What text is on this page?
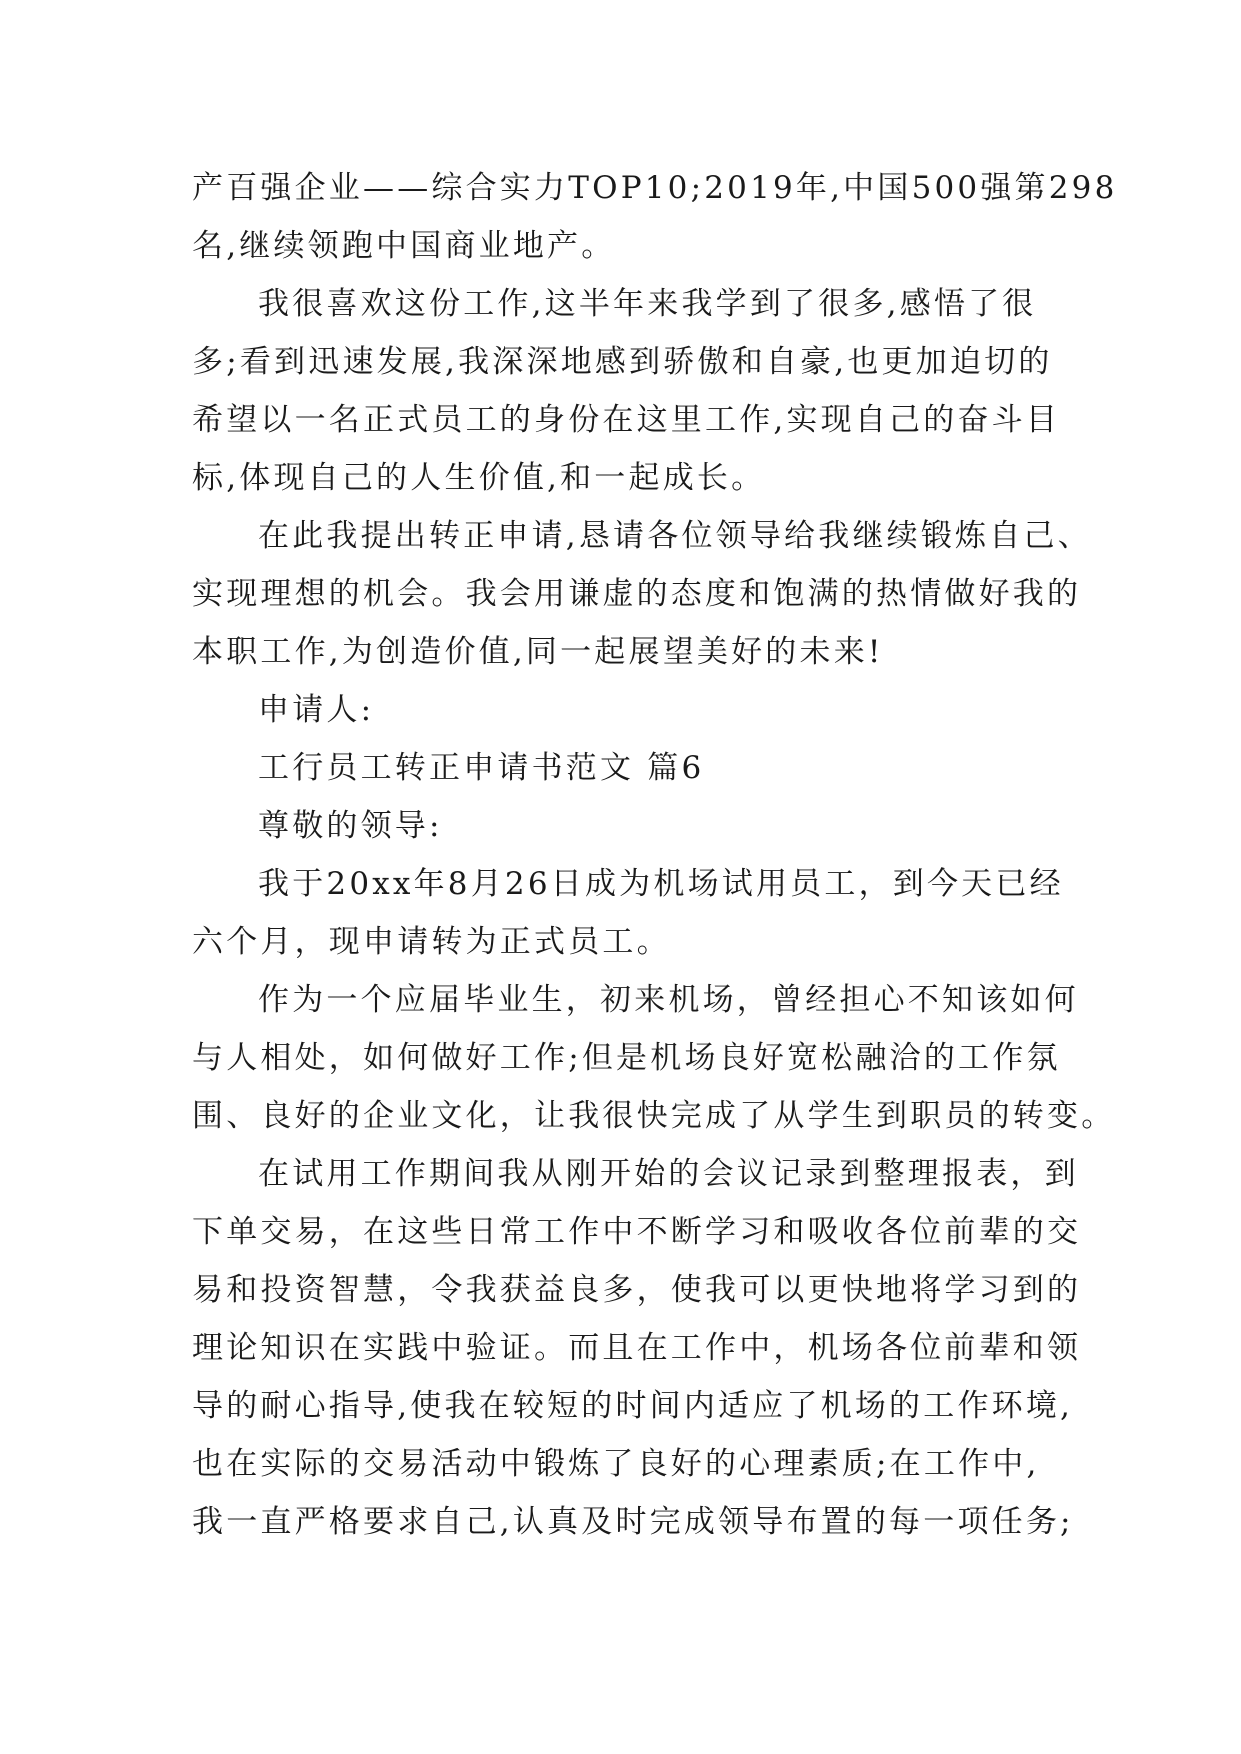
产百强企业——综合实力TOP10;2019年,中国500强第298
名,继续领跑中国商业地产。
我很喜欢这份工作,这半年来我学到了很多,感悟了很
多;看到迅速发展,我深深地感到骄傲和自豪,也更加迫切的
希望以一名正式员工的身份在这里工作,实现自己的奋斗目
标,体现自己的人生价值,和一起成长。
在此我提出转正申请,恳请各位领导给我继续锻炼自己、
实现理想的机会。我会用谦虚的态度和饱满的热情做好我的
本职工作,为创造价值,同一起展望美好的未来!
申请人:
工行员工转正申请书范文 篇6
尊敬的领导:
我于20xx年8月26日成为机场试用员工，到今天已经
六个月，现申请转为正式员工。
作为一个应届毕业生，初来机场，曾经担心不知该如何
与人相处，如何做好工作;但是机场良好宽松融洽的工作氛
围、良好的企业文化，让我很快完成了从学生到职员的转变。
在试用工作期间我从刚开始的会议记录到整理报表，到
下单交易，在这些日常工作中不断学习和吸收各位前辈的交
易和投资智慧，令我获益良多，使我可以更快地将学习到的
理论知识在实践中验证。而且在工作中，机场各位前辈和领
导的耐心指导,使我在较短的时间内适应了机场的工作环境,
也在实际的交易活动中锻炼了良好的心理素质;在工作中,
我一直严格要求自己,认真及时完成领导布置的每一项任务;
